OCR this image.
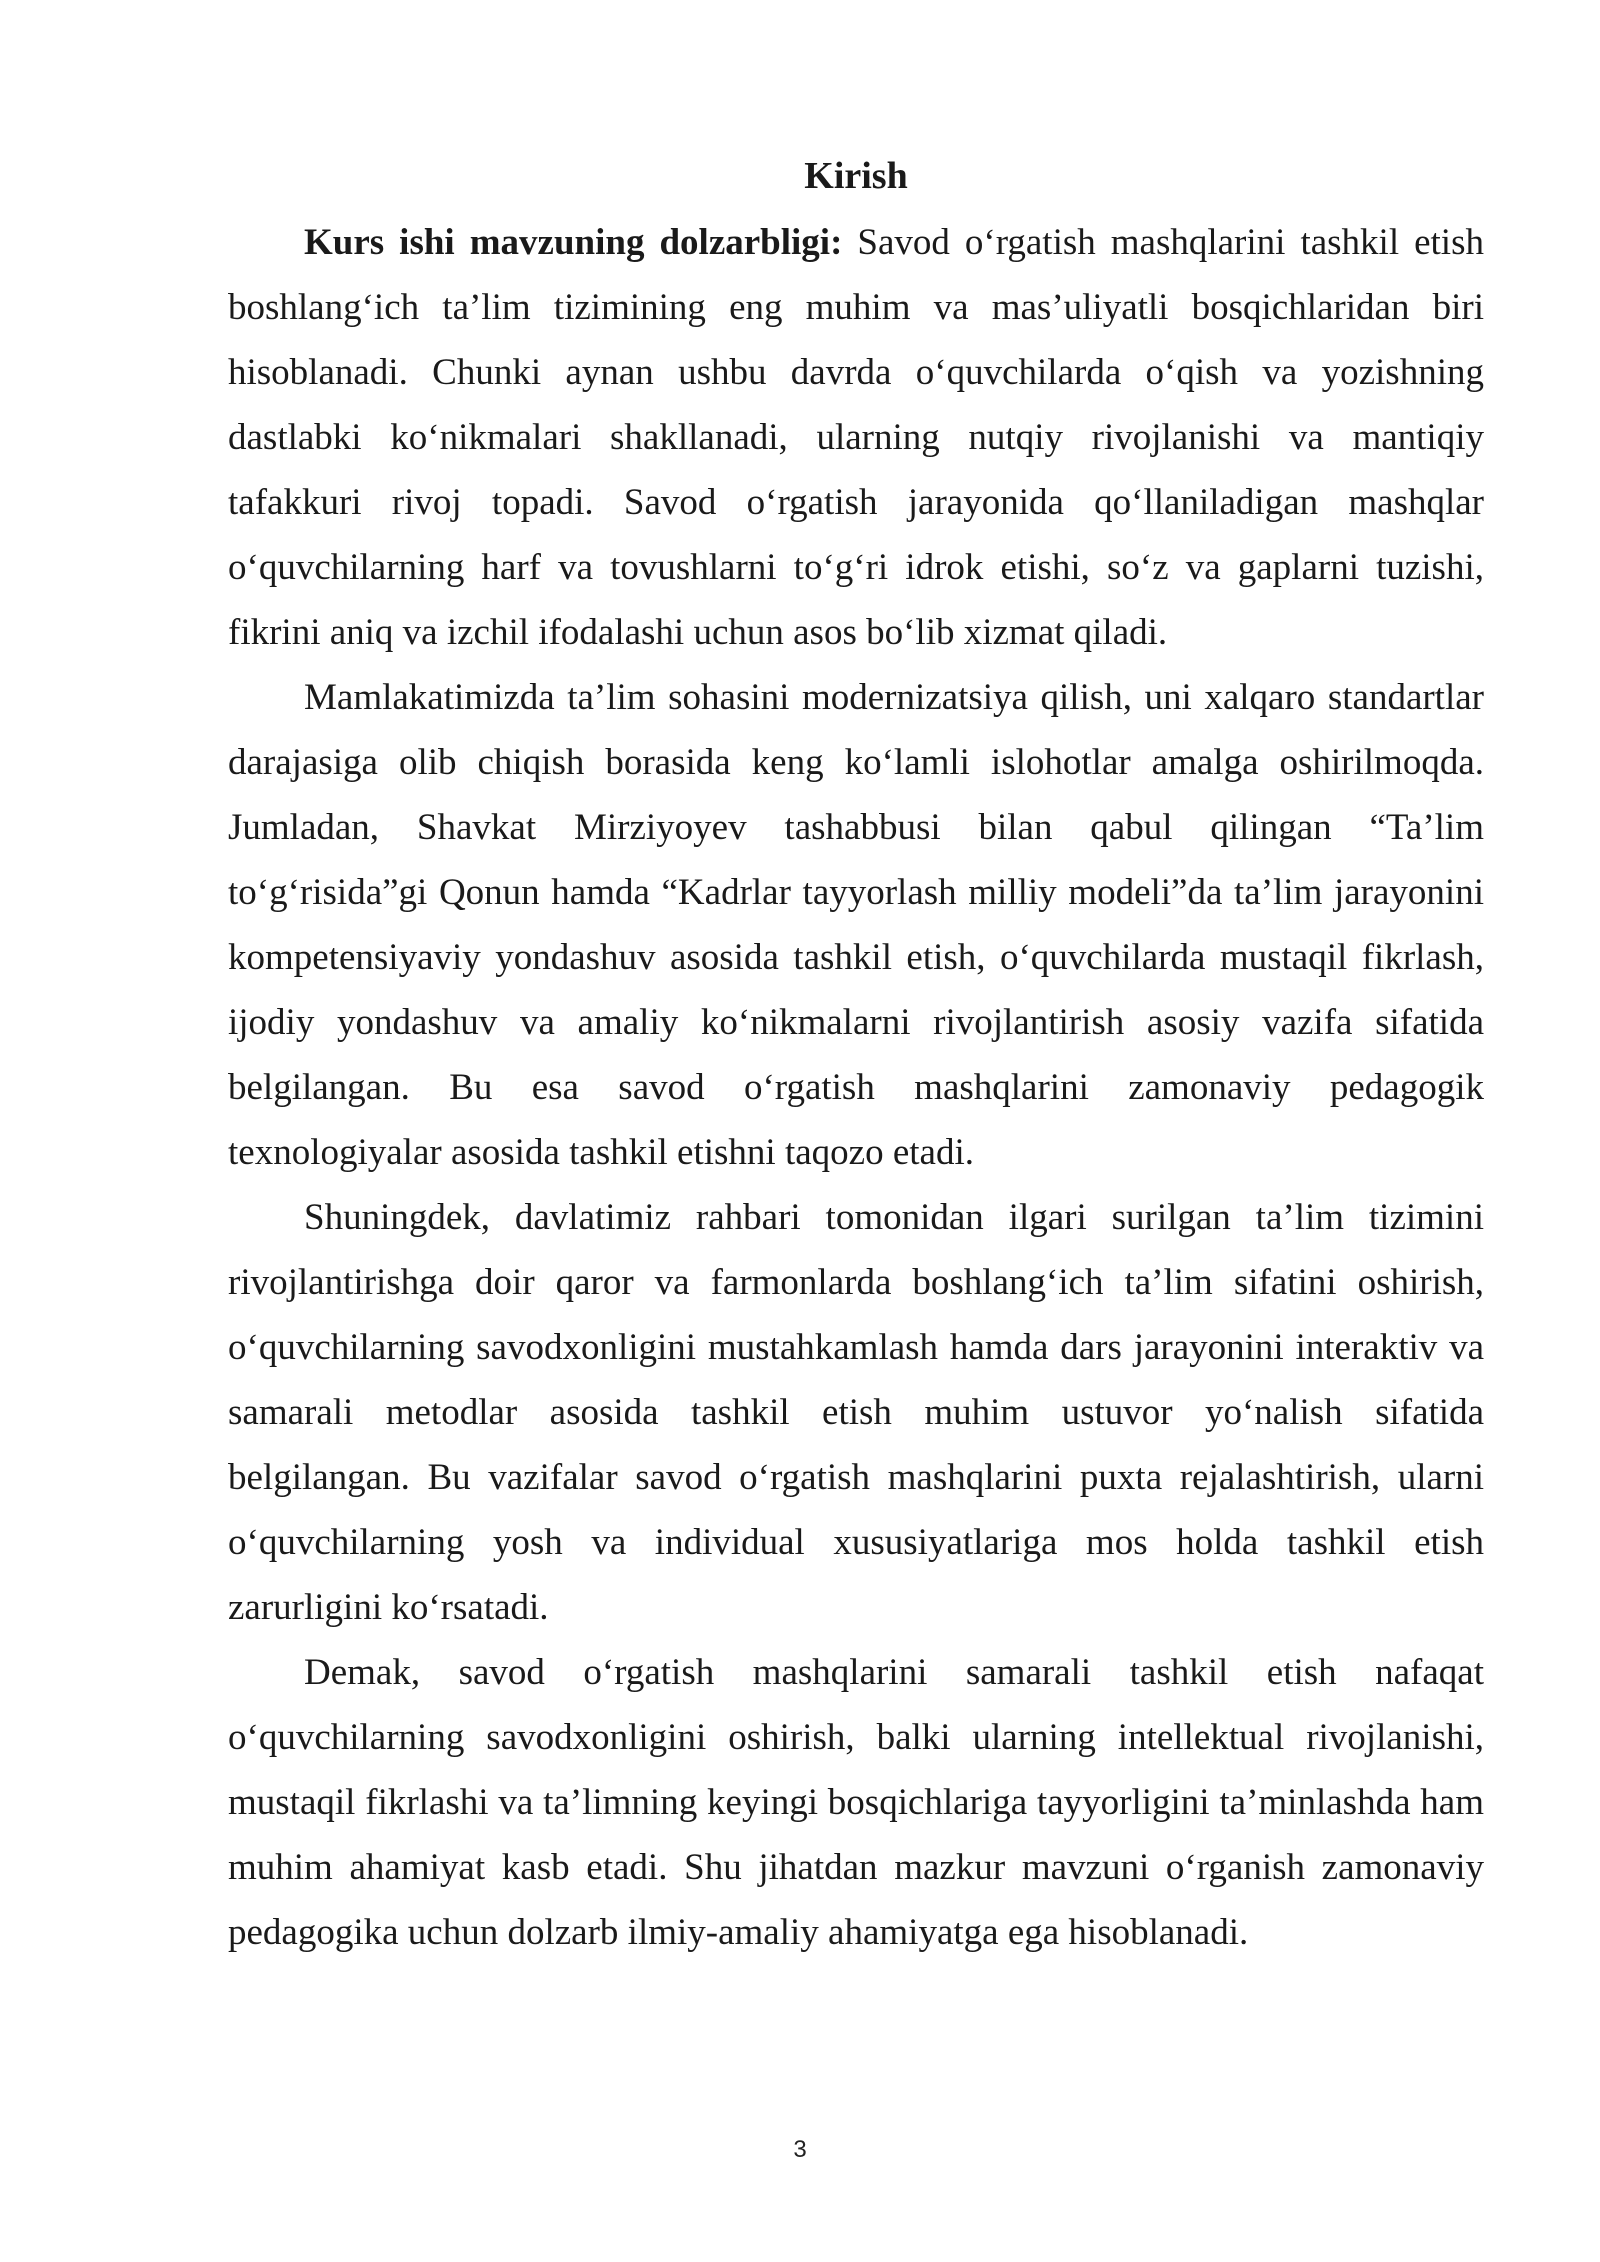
Kirish

Kurs ishi mavzuning dolzarbligi: Savod oʻrgatish mashqlarini tashkil etish boshlangʻich taʼlim tizimining eng muhim va masʼuliyatli bosqichlaridan biri hisoblanadi. Chunki aynan ushbu davrda oʻquvchilarda oʻqish va yozishning dastlabki koʻnikmalari shakllanadi, ularning nutqiy rivojlanishi va mantiqiy tafakkuri rivoj topadi. Savod oʻrgatish jarayonida qoʻllaniladigan mashqlar oʻquvchilarning harf va tovushlarni toʻgʻri idrok etishi, soʻz va gaplarni tuzishi, fikrini aniq va izchil ifodalashi uchun asos boʻlib xizmat qiladi.

Mamlakatimizda taʼlim sohasini modernizatsiya qilish, uni xalqaro standartlar darajasiga olib chiqish borasida keng koʻlamli islohotlar amalga oshirilmoqda. Jumladan, Shavkat Mirziyoyev tashabbusi bilan qabul qilingan “Taʼlim toʻgʻrisida”gi Qonun hamda “Kadrlar tayyorlash milliy modeli”da taʼlim jarayonini kompetensiyaviy yondashuv asosida tashkil etish, oʻquvchilarda mustaqil fikrlash, ijodiy yondashuv va amaliy koʻnikmalarni rivojlantirish asosiy vazifa sifatida belgilangan. Bu esa savod oʻrgatish mashqlarini zamonaviy pedagogik texnologiyalar asosida tashkil etishni taqozo etadi.

Shuningdek, davlatimiz rahbari tomonidan ilgari surilgan taʼlim tizimini rivojlantirishga doir qaror va farmonlarda boshlangʻich taʼlim sifatini oshirish, oʻquvchilarning savodxonligini mustahkamlash hamda dars jarayonini interaktiv va samarali metodlar asosida tashkil etish muhim ustuvor yoʻnalish sifatida belgilangan. Bu vazifalar savod oʻrgatish mashqlarini puxta rejalashtirish, ularni oʻquvchilarning yosh va individual xususiyatlariga mos holda tashkil etish zarurligini koʻrsatadi.

Demak, savod oʻrgatish mashqlarini samarali tashkil etish nafaqat oʻquvchilarning savodxonligini oshirish, balki ularning intellektual rivojlanishi, mustaqil fikrlashi va taʼlimning keyingi bosqichlariga tayyorligini taʼminlashda ham muhim ahamiyat kasb etadi. Shu jihatdan mazkur mavzuni oʻrganish zamonaviy pedagogika uchun dolzarb ilmiy-amaliy ahamiyatga ega hisoblanadi.

3
